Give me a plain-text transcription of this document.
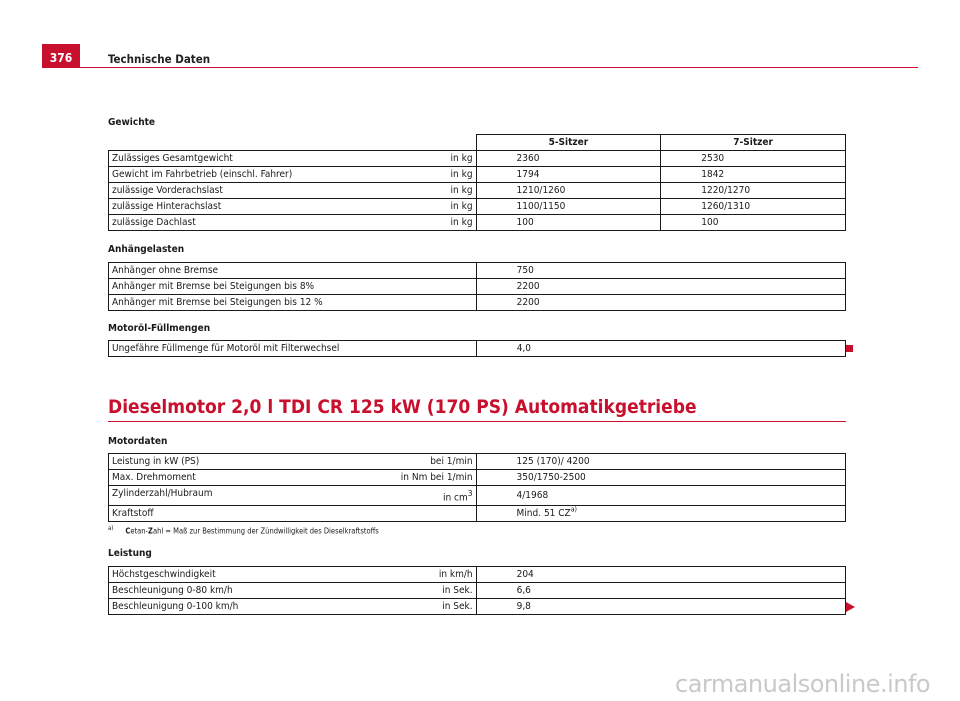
376	Technische Daten
Gewichte
	5-Sitzer	7-Sitzer

Zulässiges Gesamtgewicht in kg	2360	2530

Gewicht im Fahrbetrieb (einschl. Fahrer) in kg	1794	1842

zulässige Vorderachslast in kg	1210/1260	1220/1270

zulässige Hinterachslast in kg	1100/1150	1260/1310

zulässige Dachlast in kg	100	100
Anhängelasten
Anhänger ohne Bremse	750
Anhänger mit Bremse bei Steigungen bis 8%	2200
Anhänger mit Bremse bei Steigungen bis 12 %	2200
Motoröl-Füllmengen
Ungefähre Füllmenge für Motoröl mit Filterwechsel	4,0
Dieselmotor 2,0 l TDI CR 125 kW (170 PS) Automatikgetriebe
Motordaten
Leistung in kW (PS) bei 1/min	125 (170)/ 4200

Max. Drehmoment in Nm bei 1/min	350/1750-2500

Zylinderzahl/Hubraum in $cm^3$	4/1968
Kraftstoff	Mind. 51 CZ$^{a)}$
$^{a)}$ Cetan-Zahl = Maß zur Bestimmung der Zündwilligkeit des Dieselkraftstoffs
Leistung
Höchstgeschwindigkeit in km/h	204

Beschleunigung 0-80 km/h in Sek.	6,6

Beschleunigung 0-100 km/h in Sek.	9,8
carmanualsonline.info
